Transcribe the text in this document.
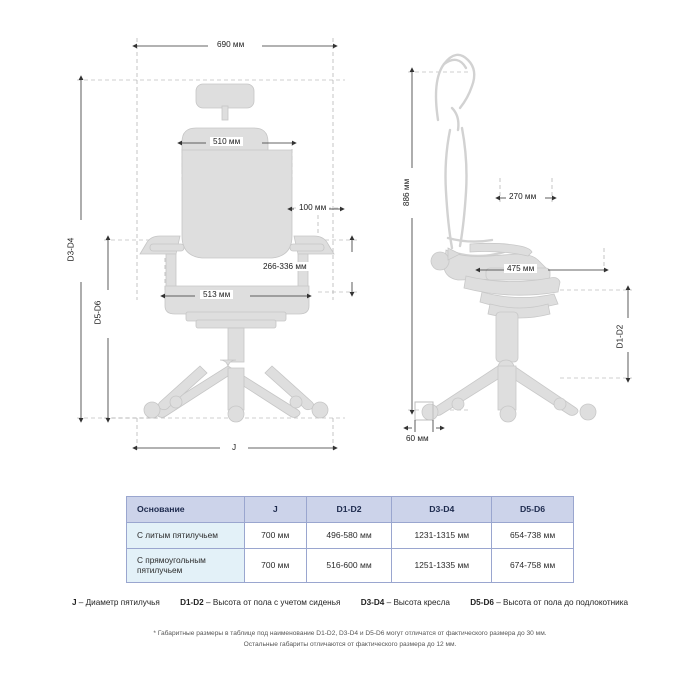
690 мм
510 мм
100 мм
513 мм
266-336 мм
D3-D4
D5-D6
J
886 мм	270 мм
475 мм
D1-D2
60 мм
Основание	J	D1-D2	D3-D4	D5-D6
С литым пятилучьем	700 мм	496-580 мм	1231-1315 мм	654-738 мм
С прямоугольным пятилучьем	700 мм	516-600 мм	1251-1335 мм	674-758 мм
J – Диаметр пятилучья D1-D2 – Высота от пола с учетом сиденья D3-D4 – Высота кресла D5-D6 – Высота от пола до подлокотника
* Габаритные размеры в таблице под наименование D1-D2, D3-D4 и D5-D6 могут отличатся от фактического размера до 30 мм.
Остальные габариты отличаются от фактического размера до 12 мм.
